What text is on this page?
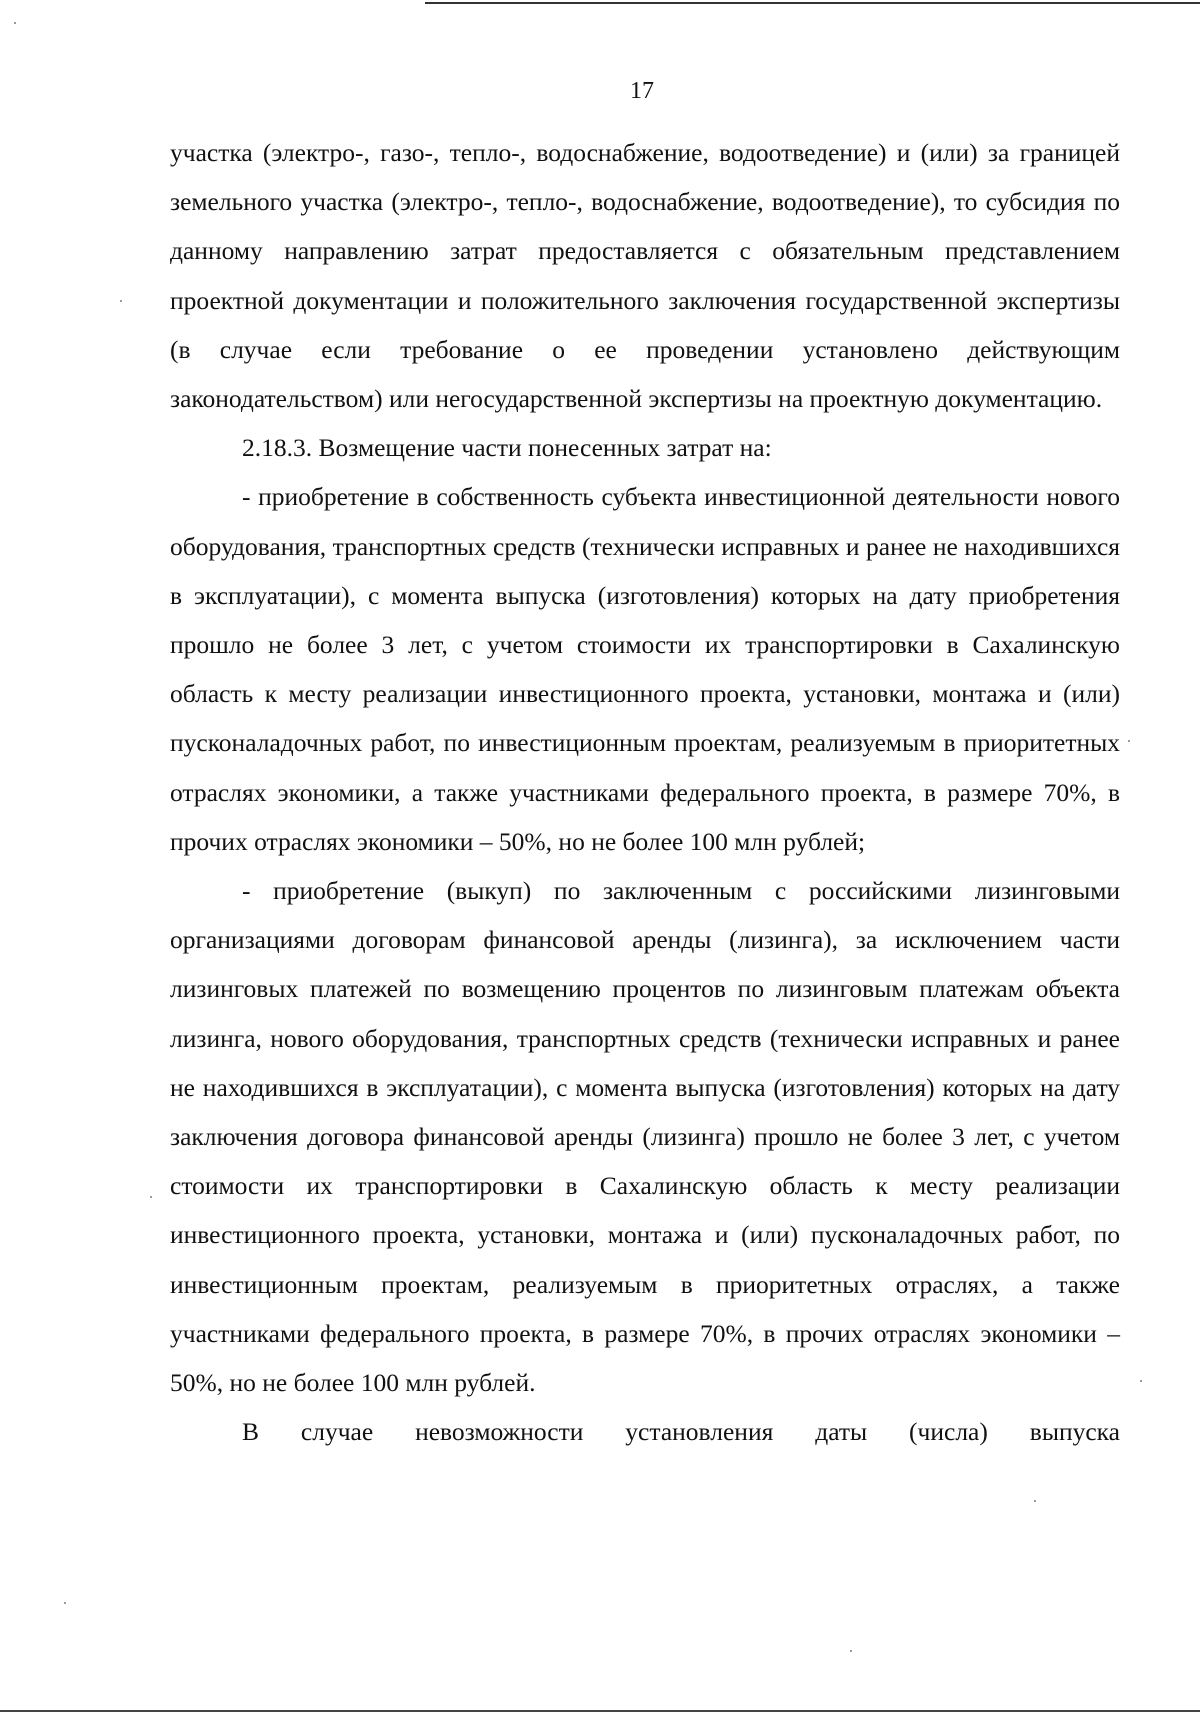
17

участка (электро-, газо-, тепло-, водоснабжение, водоотведение) и (или) за границей земельного участка (электро-, тепло-, водоснабжение, водоотведение), то субсидия по данному направлению затрат предоставляется с обязательным представлением проектной документации и положительного заключения государственной экспертизы (в случае если требование о ее проведении установлено действующим законодательством) или негосударственной экспертизы на проектную документацию.

2.18.3. Возмещение части понесенных затрат на:

- приобретение в собственность субъекта инвестиционной деятельности нового оборудования, транспортных средств (технически исправных и ранее не находившихся в эксплуатации), с момента выпуска (изготовления) которых на дату приобретения прошло не более 3 лет, с учетом стоимости их транспортировки в Сахалинскую область к месту реализации инвестиционного проекта, установки, монтажа и (или) пусконаладочных работ, по инвестиционным проектам, реализуемым в приоритетных отраслях экономики, а также участниками федерального проекта, в размере 70%, в прочих отраслях экономики – 50%, но не более 100 млн рублей;

- приобретение (выкуп) по заключенным с российскими лизинговыми организациями договорам финансовой аренды (лизинга), за исключением части лизинговых платежей по возмещению процентов по лизинговым платежам объекта лизинга, нового оборудования, транспортных средств (технически исправных и ранее не находившихся в эксплуатации), с момента выпуска (изготовления) которых на дату заключения договора финансовой аренды (лизинга) прошло не более 3 лет, с учетом стоимости их транспортировки в Сахалинскую область к месту реализации инвестиционного проекта, установки, монтажа и (или) пусконаладочных работ, по инвестиционным проектам, реализуемым в приоритетных отраслях, а также участниками федерального проекта, в размере 70%, в прочих отраслях экономики – 50%, но не более 100 млн рублей.

В случае невозможности установления даты (числа) выпуска
